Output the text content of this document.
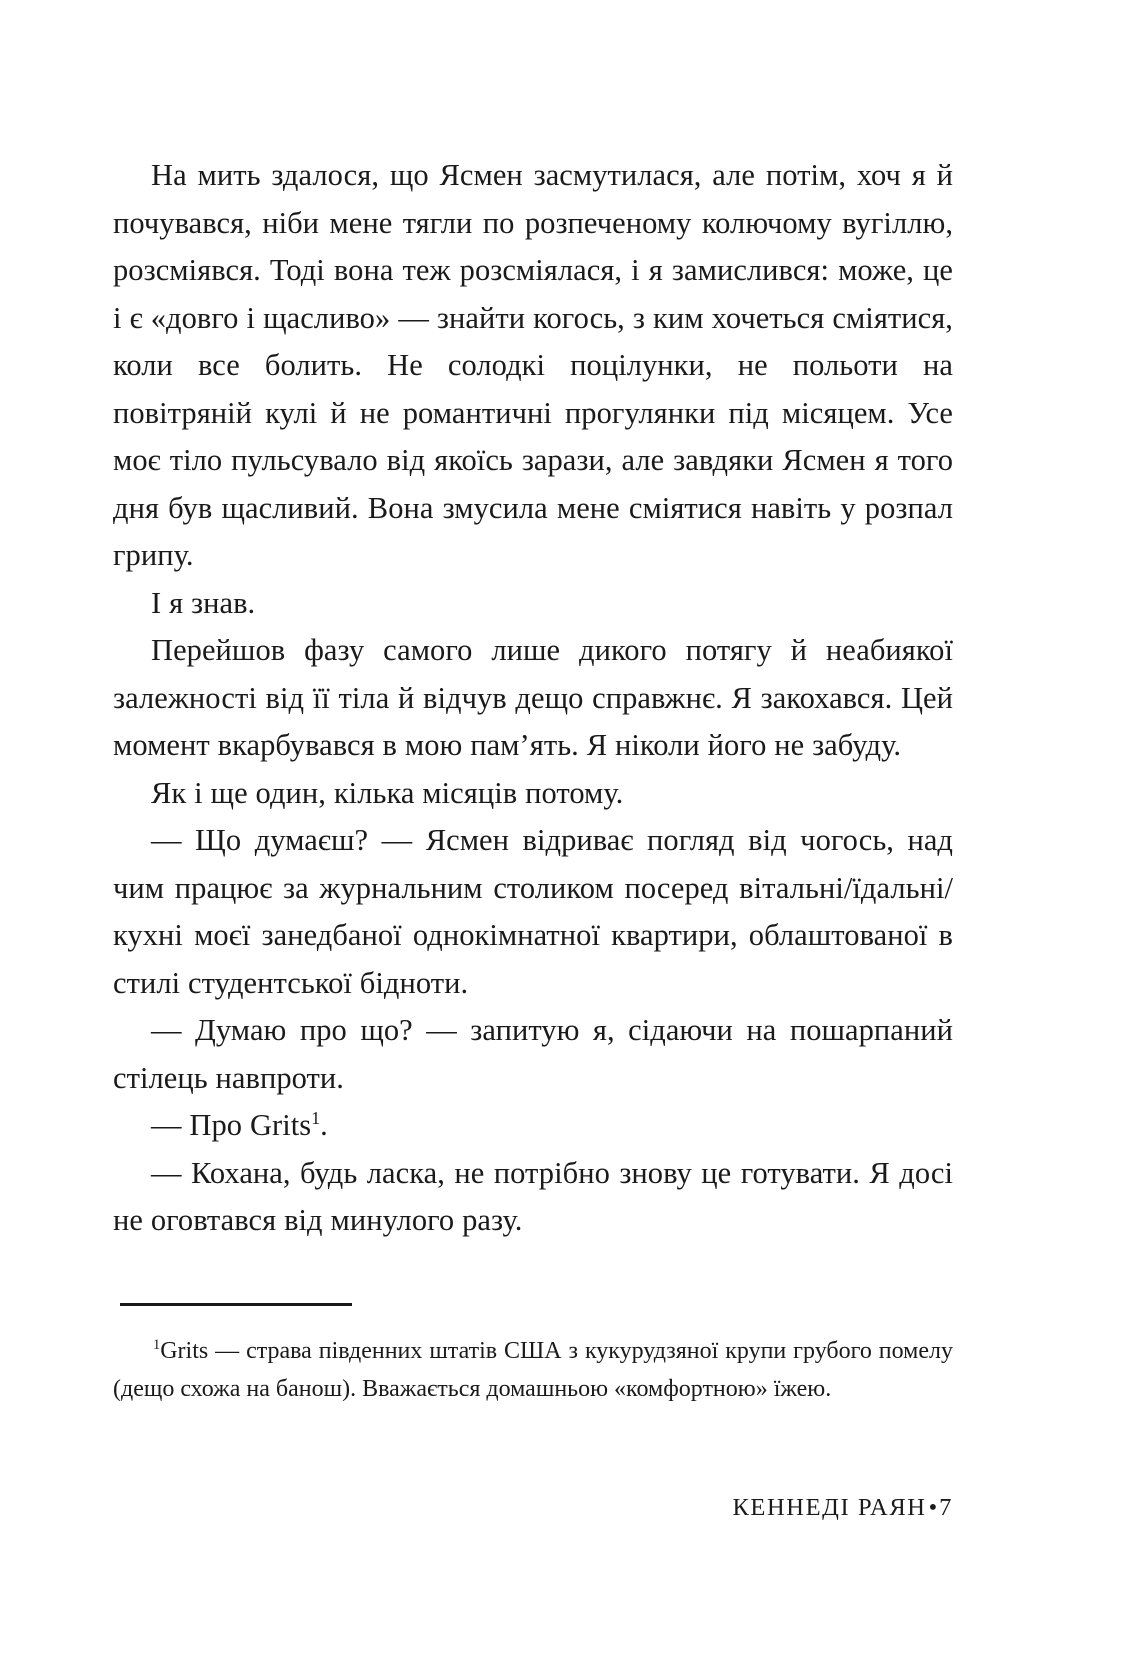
На мить здалося, що Ясмен засмутилася, але потім, хоч я й почувався, ніби мене тягли по розпеченому колючому вугіллю, розсміявся. Тоді вона теж розсміялася, і я замислився: може, це і є «довго і щасливо» — знайти когось, з ким хочеться сміятися, коли все болить. Не солодкі поцілунки, не польоти на повітряній кулі й не романтичні прогулянки під місяцем. Усе моє тіло пульсувало від якоїсь зарази, але завдяки Ясмен я того дня був щасливий. Вона змусила мене сміятися навіть у розпал грипу.

І я знав.

Перейшов фазу самого лише дикого потягу й неабиякої залежності від її тіла й відчув дещо справжнє. Я закохався. Цей момент вкарбувався в мою пам’ять. Я ніколи його не забуду.

Як і ще один, кілька місяців потому.

— Що думаєш? — Ясмен відриває погляд від чогось, над чим працює за журнальним столиком посеред вітальні/їдальні/кухні моєї занедбаної однокімнатної квартири, облаштованої в стилі студентської бідноти.

— Думаю про що? — запитую я, сідаючи на пошарпаний стілець навпроти.

— Про Grits$^1$.

— Кохана, будь ласка, не потрібно знову це готувати. Я досі не оговтався від минулого разу.

$^1$Grits — страва південних штатів США з кукурудзяної крупи грубого помелу (дещо схожа на банош). Вважається домашньою «комфортною» їжею.

КЕННЕДІ РАЯН•7
